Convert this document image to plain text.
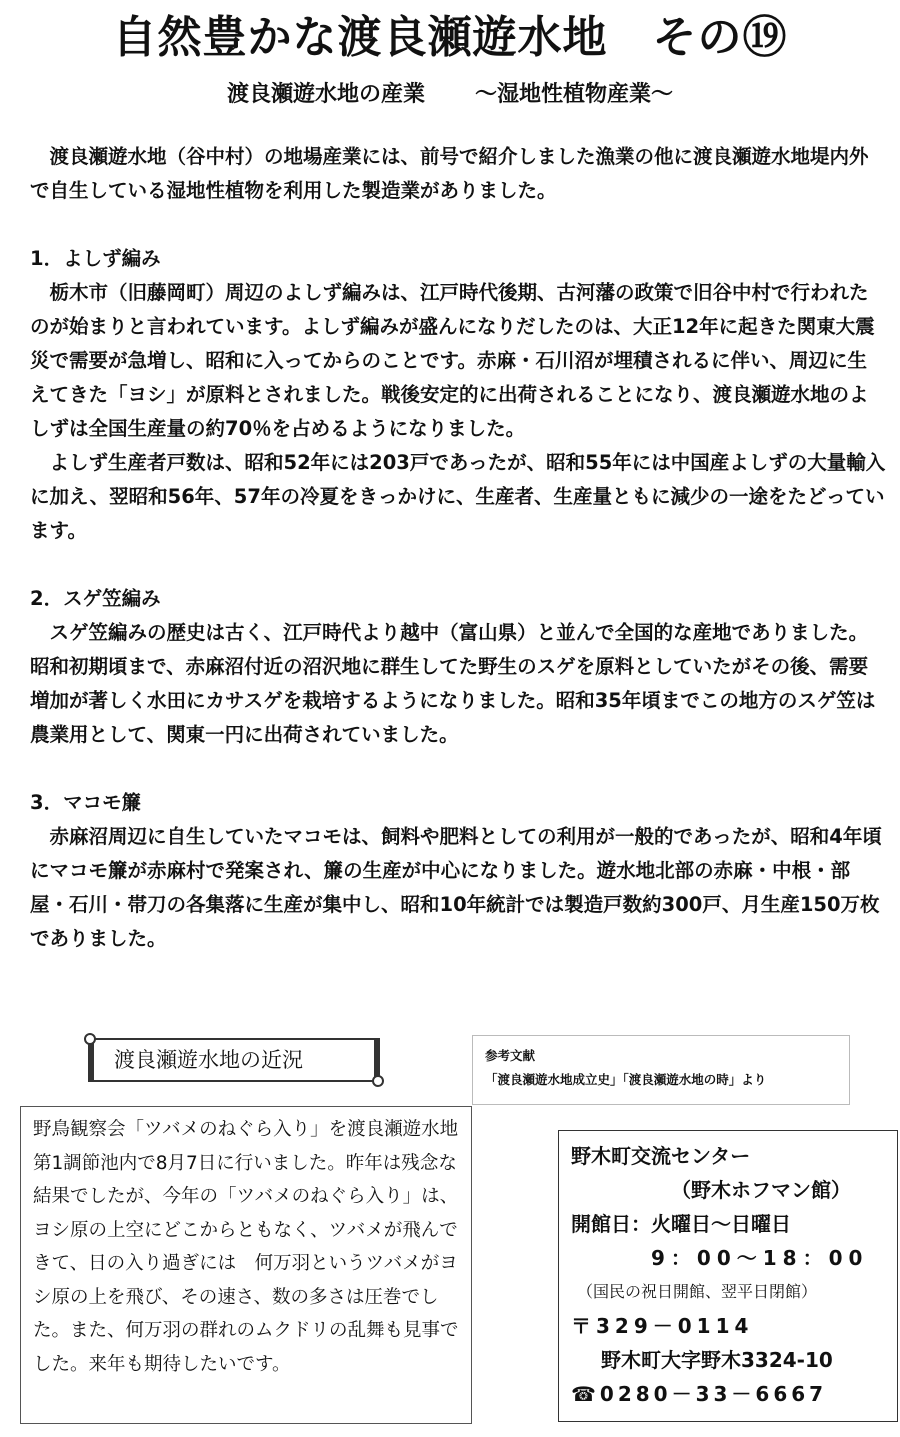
自然豊かな渡良瀬遊水地　その⑲
渡良瀬遊水地の産業 ～湿地性植物産業～

渡良瀬遊水地（谷中村）の地場産業には、前号で紹介しました漁業の他に渡良瀬遊水地堤内外で自生している湿地性植物を利用した製造業がありました。

1．よしず編み

栃木市（旧藤岡町）周辺のよしず編みは、江戸時代後期、古河藩の政策で旧谷中村で行われたのが始まりと言われています。よしず編みが盛んになりだしたのは、大正12年に起きた関東大震災で需要が急増し、昭和に入ってからのことです。赤麻・石川沼が埋積されるに伴い、周辺に生えてきた「ヨシ」が原料とされました。戦後安定的に出荷されることになり、渡良瀬遊水地のよしずは全国生産量の約70％を占めるようになりました。

よしず生産者戸数は、昭和52年には203戸であったが、昭和55年には中国産よしずの大量輸入に加え、翌昭和56年、57年の冷夏をきっかけに、生産者、生産量ともに減少の一途をたどっています。

2．スゲ笠編み

スゲ笠編みの歴史は古く、江戸時代より越中（富山県）と並んで全国的な産地でありました。 昭和初期頃まで、赤麻沼付近の沼沢地に群生してた野生のスゲを原料としていたがその後、需要増加が著しく水田にカサスゲを栽培するようになりました。昭和35年頃までこの地方のスゲ笠は農業用として、関東一円に出荷されていました。

3．マコモ簾

赤麻沼周辺に自生していたマコモは、飼料や肥料としての利用が一般的であったが、昭和4年頃にマコモ簾が赤麻村で発案され、簾の生産が中心になりました。遊水地北部の赤麻・中根・部屋・石川・帯刀の各集落に生産が集中し、昭和10年統計では製造戸数約300戸、月生産150万枚でありました。

渡良瀬遊水地の近況	参考文献
「渡良瀬遊水地成立史」「渡良瀬遊水地の時」より

野鳥観察会「ツバメのねぐら入り」を渡良瀬遊水地第1調節池内で8月7日に行いました。昨年は残念な結果でしたが、今年の「ツバメのねぐら入り」は、ヨシ原の上空にどこからともなく、ツバメが飛んできて、日の入り過ぎには　何万羽というツバメがヨシ原の上を飛び、その速さ、数の多さは圧巻でした。また、何万羽の群れのムクドリの乱舞も見事でした。来年も期待したいです。

野木町交流センター
（野木ホフマン館）
開館日：火曜日～日曜日
9：00～18：00
（国民の祝日開館、翌平日閉館）
〒329－0114
野木町大字野木3324-10
☎0280－33－6667
